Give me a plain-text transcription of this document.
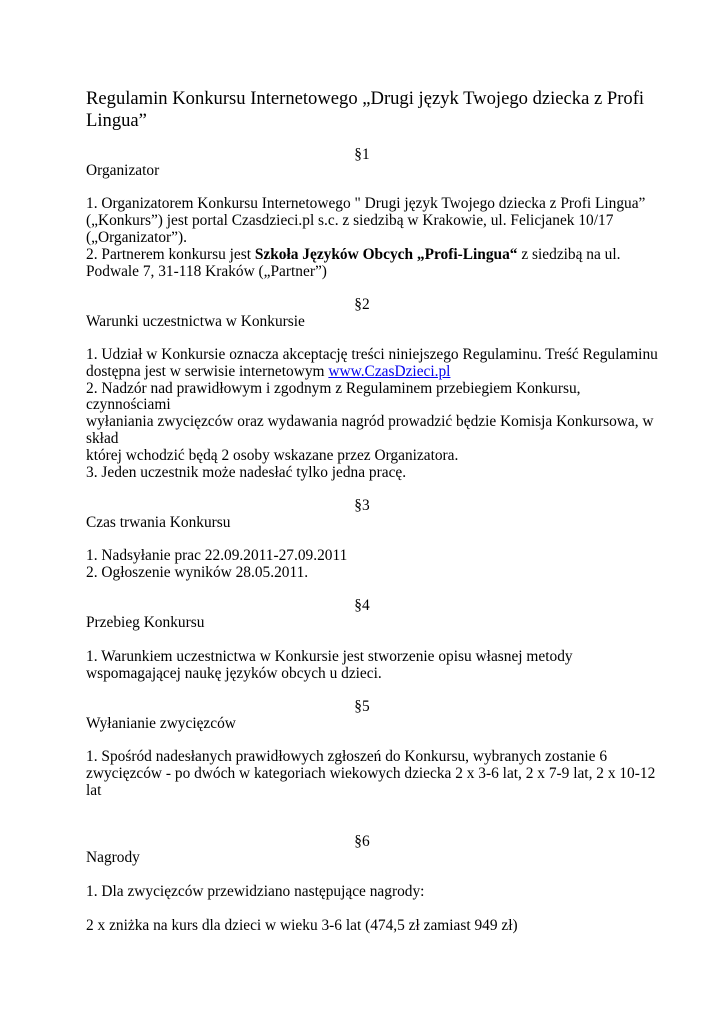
Regulamin Konkursu Internetowego „Drugi język Twojego dziecka z Profi
Lingua”
§1
Organizator
1. Organizatorem Konkursu Internetowego " Drugi język Twojego dziecka z Profi Lingua”
(„Konkurs”) jest portal Czasdzieci.pl s.c. z siedzibą w Krakowie, ul. Felicjanek 10/17
(„Organizator”).
2. Partnerem konkursu jest Szkoła Języków Obcych „Profi-Lingua“ z siedzibą na ul.
Podwale 7, 31-118 Kraków („Partner”)
§2
Warunki uczestnictwa w Konkursie
1. Udział w Konkursie oznacza akceptację treści niniejszego Regulaminu. Treść Regulaminu
dostępna jest w serwisie internetowym www.CzasDzieci.pl
2. Nadzór nad prawidłowym i zgodnym z Regulaminem przebiegiem Konkursu,
czynnościami
wyłaniania zwycięzców oraz wydawania nagród prowadzić będzie Komisja Konkursowa, w
skład
której wchodzić będą 2 osoby wskazane przez Organizatora.
3. Jeden uczestnik może nadesłać tylko jedna pracę.
§3
Czas trwania Konkursu
1. Nadsyłanie prac 22.09.2011-27.09.2011
2. Ogłoszenie wyników 28.05.2011.
§4
Przebieg Konkursu
1. Warunkiem uczestnictwa w Konkursie jest stworzenie opisu własnej metody
wspomagającej naukę języków obcych u dzieci.
§5
Wyłanianie zwycięzców
1. Spośród nadesłanych prawidłowych zgłoszeń do Konkursu, wybranych zostanie 6
zwycięzców - po dwóch w kategoriach wiekowych dziecka 2 x 3-6 lat, 2 x 7-9 lat, 2 x 10-12
lat
§6
Nagrody
1. Dla zwycięzców przewidziano następujące nagrody:
2 x zniżka na kurs dla dzieci w wieku 3-6 lat (474,5 zł zamiast 949 zł)
